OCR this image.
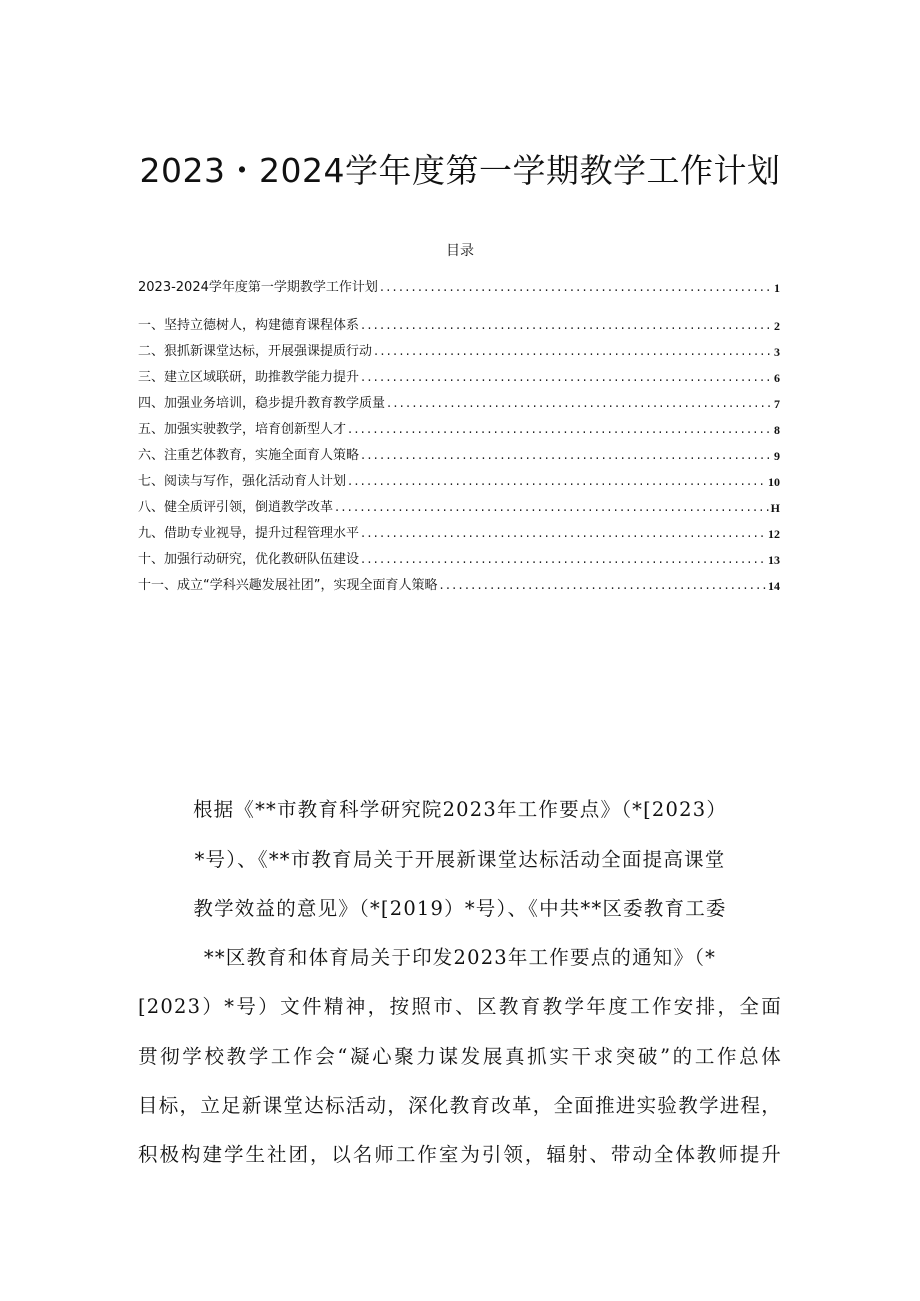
2023・2024学年度第一学期教学工作计划
目录
2023-2024学年度第一学期教学工作计划 .....	1
一、坚持立德树人，构建德育课程体系 .....	2
二、狠抓新课堂达标，开展强课提质行动 .....	3
三、建立区域联研，助推教学能力提升 .....	6
四、加强业务培训，稳步提升教育教学质量 .....	7
五、加强实驶教学，培育创新型人才 .....	8
六、注重艺体教育，实施全面育人策略 .....	9
七、阅读与写作，强化活动育人计划 .....	10
八、健全质评引领，倒逍教学改革 .....	H
九、借助专业视导，提升过程管理水平 .....	12
十、加强行动研究，优化教研队伍建设 .....	13
十一、成立“学科兴趣发展社团”，实现全面育人策略 .....	14
根据《**市教育科学研究院2023年工作要点》（*[2023）
*号）、《**市教育局关于开展新课堂达标活动全面提高课堂
教学效益的意见》（*[2019）*号）、《中共**区委教育工委
**区教育和体育局关于印发2023年工作要点的通知》（*
[2023）*号）文件精神，按照市、区教育教学年度工作安排，全面
贯彻学校教学工作会“凝心聚力谋发展真抓实干求突破”的工作总体
目标，立足新课堂达标活动，深化教育改革，全面推进实验教学进程，
积极构建学生社团，以名师工作室为引领，辐射、带动全体教师提升
